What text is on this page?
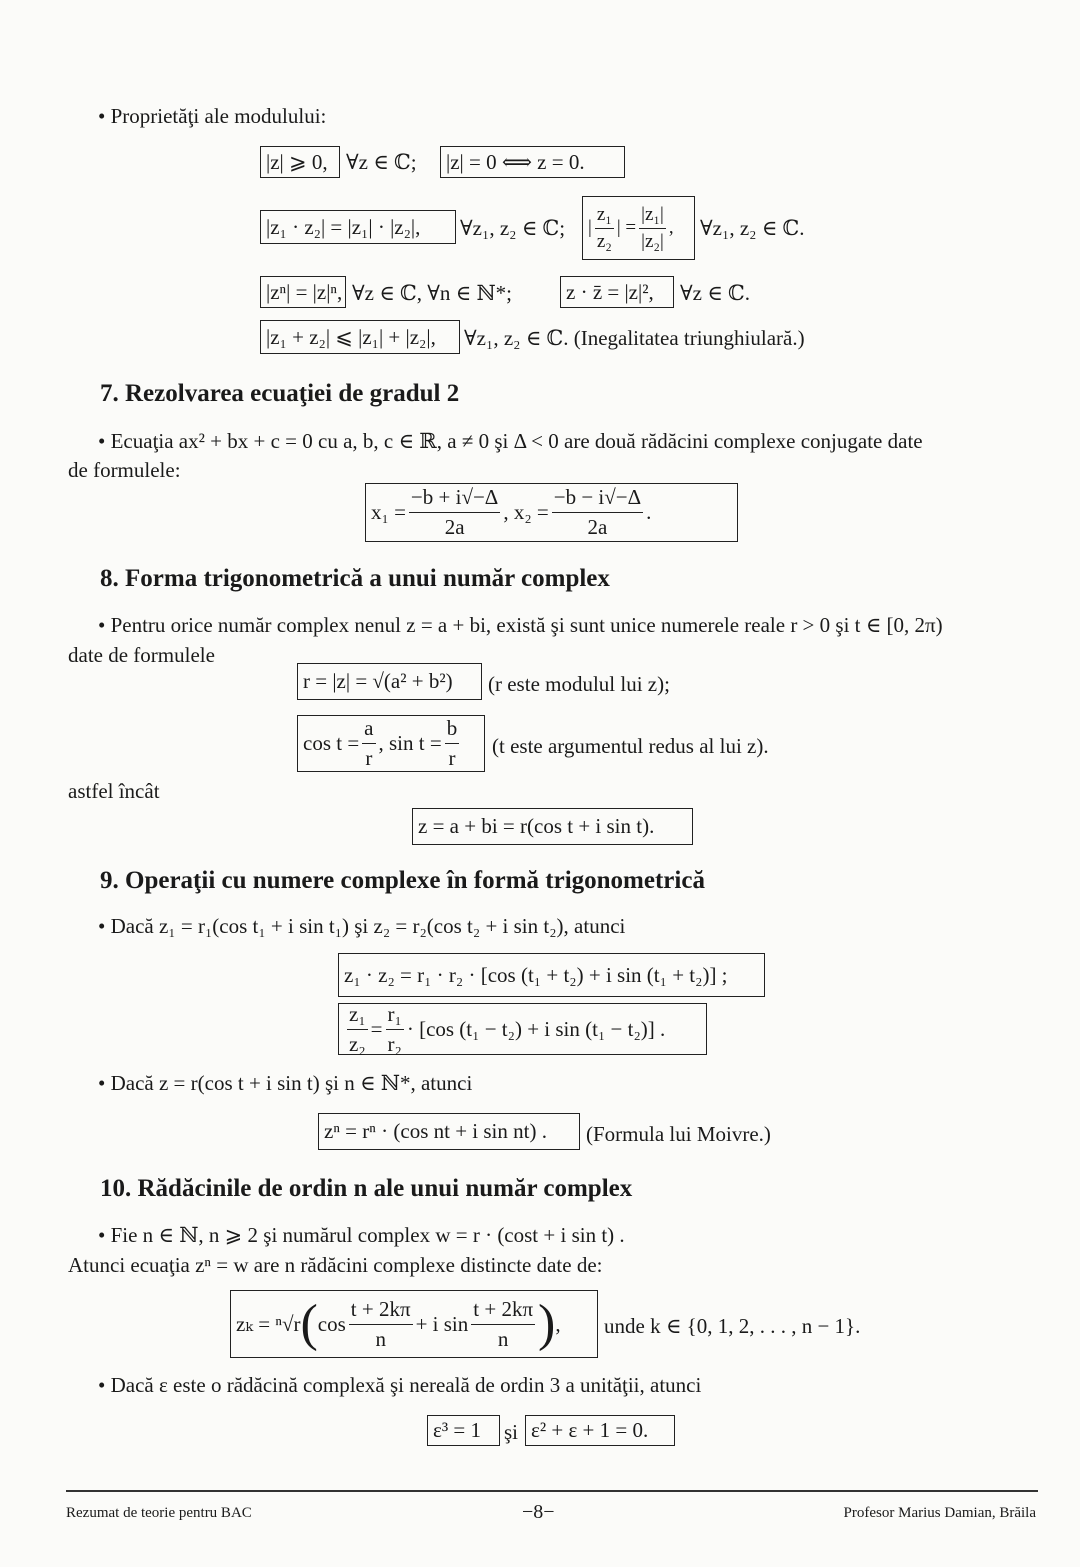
• Proprietăţi ale modulului:
|z| ⩾ 0, ∀z ∈ ℂ; |z| = 0 ⟺ z = 0.
|z₁ · z₂| = |z₁| · |z₂|,	∀z₁, z₂ ∈ ℂ;	| $\frac{\text{z₁}}{\text{z₂}}$ | = $\frac{\text{|z₁|}}{\text{|z₂|}}$ ,	∀z₁, z₂ ∈ ℂ.
|zⁿ| = |z|ⁿ, ∀z ∈ ℂ, ∀n ∈ ℕ*;	z · z̄ = |z|²,	∀z ∈ ℂ.
|z₁ + z₂| ⩽ |z₁| + |z₂|,	∀z₁, z₂ ∈ ℂ. (Inegalitatea triunghiulară.)
7. Rezolvarea ecuaţiei de gradul 2
• Ecuaţia ax² + bx + c = 0 cu a, b, c ∈ ℝ, a ≠ 0 şi Δ < 0 are două rădăcini complexe conjugate date
de formulele:
$x_1 = \frac{-b + i√-\Delta}{2a}$ , $x_2 = \frac{-b - i√-\Delta}{2a}$ .
8. Forma trigonometrică a unui număr complex
• Pentru orice număr complex nenul z = a + bi, există şi sunt unice numerele reale r > 0 şi t ∈ [0, 2π)
date de formulele
r = |z| = √(a² + b²)	(r este modulul lui z);
$\cos t = \frac{a}{r}$ , $\sin t = \frac{b}{r} (t$ este argumentul redus al lui z).
astfel încât
z = a + bi = r(cos t + i sin t).
9. Operaţii cu numere complexe în formă trigonometrică
• Dacă z₁ = r₁(cos t₁ + i sin t₁) şi z₂ = r₂(cos t₂ + i sin t₂), atunci
z₁ · z₂ = r₁ · r₂ · [cos (t₁ + t₂) + i sin (t₁ + t₂)] ;
$\frac{\text{z₁}}{\text{z₂}} = \frac{\text{r₁}}{\text{r₂}} \cdot [\cos$ (t₁ − t₂) + i sin (t₁ − t₂)] .
• Dacă z = r(cos t + i sin t) şi n ∈ ℕ*, atunci
zⁿ = rⁿ · (cos nt + i sin nt) .	(Formula lui Moivre.)
10. Rădăcinile de ordin n ale unui număr complex
• Fie n ∈ ℕ, n ⩾ 2 şi numărul complex w = r · (cost + i sin t) .
Atunci ecuaţia zⁿ = w are n rădăcini complexe distincte date de:
zₖ = ⁿ√r ( $\cos \frac{t + 2k\pi}{n} + i$ $\sin \frac{t + 2k\pi}{n}$ ) ,	unde k ∈ {0, 1, 2, . . . , n − 1}.
• Dacă ε este o rădăcină complexă şi nereală de ordin 3 a unităţii, atunci
ε³ = 1	şi ε² + ε + 1 = 0.
Rezumat de teorie pentru BAC	−8−	Profesor Marius Damian, Brăila
